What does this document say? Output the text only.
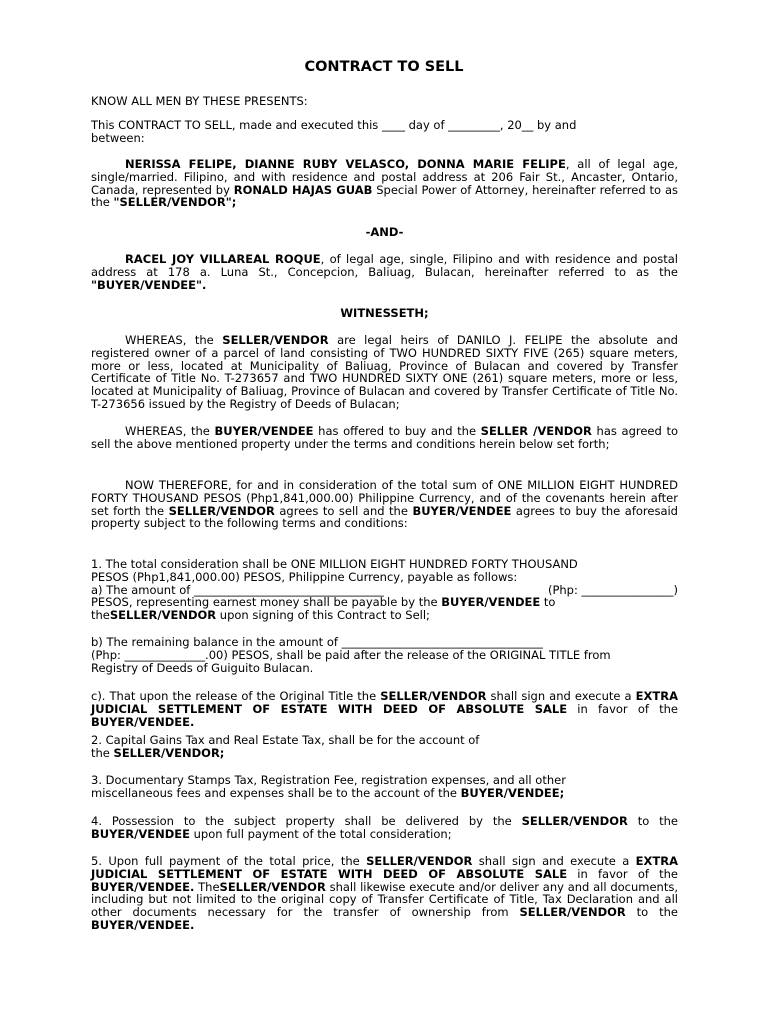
CONTRACT TO SELL

KNOW ALL MEN BY THESE PRESENTS:

This CONTRACT TO SELL, made and executed this ____ day of _________, 20__ by and
between:

NERISSA FELIPE, DIANNE RUBY VELASCO, DONNA MARIE FELIPE, all of legal age, single/married. Filipino, and with residence and postal address at 206 Fair St., Ancaster, Ontario, Canada, represented by RONALD HAJAS GUAB Special Power of Attorney, hereinafter referred to as the "SELLER/VENDOR";

-AND-

RACEL JOY VILLAREAL ROQUE, of legal age, single, Filipino and with residence and postal address at 178 a. Luna St., Concepcion, Baliuag, Bulacan, hereinafter referred to as the "BUYER/VENDEE".

WITNESSETH;

WHEREAS, the SELLER/VENDOR are legal heirs of DANILO J. FELIPE the absolute and registered owner of a parcel of land consisting of TWO HUNDRED SIXTY FIVE (265) square meters, more or less, located at Municipality of Baliuag, Province of Bulacan and covered by Transfer Certificate of Title No. T-273657 and TWO HUNDRED SIXTY ONE (261) square meters, more or less, located at Municipality of Baliuag, Province of Bulacan and covered by Transfer Certificate of Title No. T-273656 issued by the Registry of Deeds of Bulacan;

WHEREAS, the BUYER/VENDEE has offered to buy and the SELLER /VENDOR has agreed to sell the above mentioned property under the terms and conditions herein below set forth;

NOW THEREFORE, for and in consideration of the total sum of ONE MILLION EIGHT HUNDRED FORTY THOUSAND PESOS (Php1,841,000.00) Philippine Currency, and of the covenants herein after set forth the SELLER/VENDOR agrees to sell and the BUYER/VENDEE agrees to buy the aforesaid property subject to the following terms and conditions:

1. The total consideration shall be ONE MILLION EIGHT HUNDRED FORTY THOUSAND
PESOS (Php1,841,000.00) PESOS, Philippine Currency, payable as follows:
a) The amount of _________________________________	(Php: ________________)
PESOS, representing earnest money shall be payable by the BUYER/VENDEE to
theSELLER/VENDOR upon signing of this Contract to Sell;
b) The remaining balance in the amount of ___________________________________
(Php: ______________.00) PESOS, shall be paid after the release of the ORIGINAL TITLE from
Registry of Deeds of Guiguito Bulacan.

c). That upon the release of the Original Title the SELLER/VENDOR shall sign and execute a EXTRA JUDICIAL SETTLEMENT OF ESTATE WITH DEED OF ABSOLUTE SALE in favor of the BUYER/VENDEE.

2. Capital Gains Tax and Real Estate Tax, shall be for the account of
the SELLER/VENDOR;
3. Documentary Stamps Tax, Registration Fee, registration expenses, and all other
miscellaneous fees and expenses shall be to the account of the BUYER/VENDEE;

4. Possession to the subject property shall be delivered by the SELLER/VENDOR to the BUYER/VENDEE upon full payment of the total consideration;

5. Upon full payment of the total price, the SELLER/VENDOR shall sign and execute a EXTRA JUDICIAL SETTLEMENT OF ESTATE WITH DEED OF ABSOLUTE SALE in favor of the BUYER/VENDEE. TheSELLER/VENDOR shall likewise execute and/or deliver any and all documents, including but not limited to the original copy of Transfer Certificate of Title, Tax Declaration and all other documents necessary for the transfer of ownership from SELLER/VENDOR to the BUYER/VENDEE.
